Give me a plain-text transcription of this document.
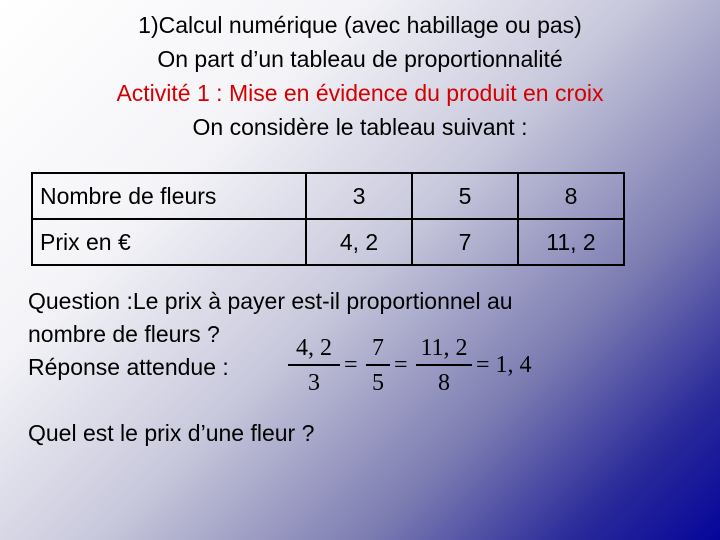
1)Calcul numérique (avec habillage ou pas)
On part d’un tableau de proportionnalité
Activité 1 : Mise en évidence du produit en croix
On considère le tableau suivant :
Nombre de fleurs	3	5	8
Prix en €	4, 2	7	11, 2
Question :Le prix à payer est-il proportionnel au
nombre de fleurs ?
Réponse attendue :
4, 2
3
=
7
5
=
11, 2
8
= 1, 4
Quel est le prix d’une fleur ?
